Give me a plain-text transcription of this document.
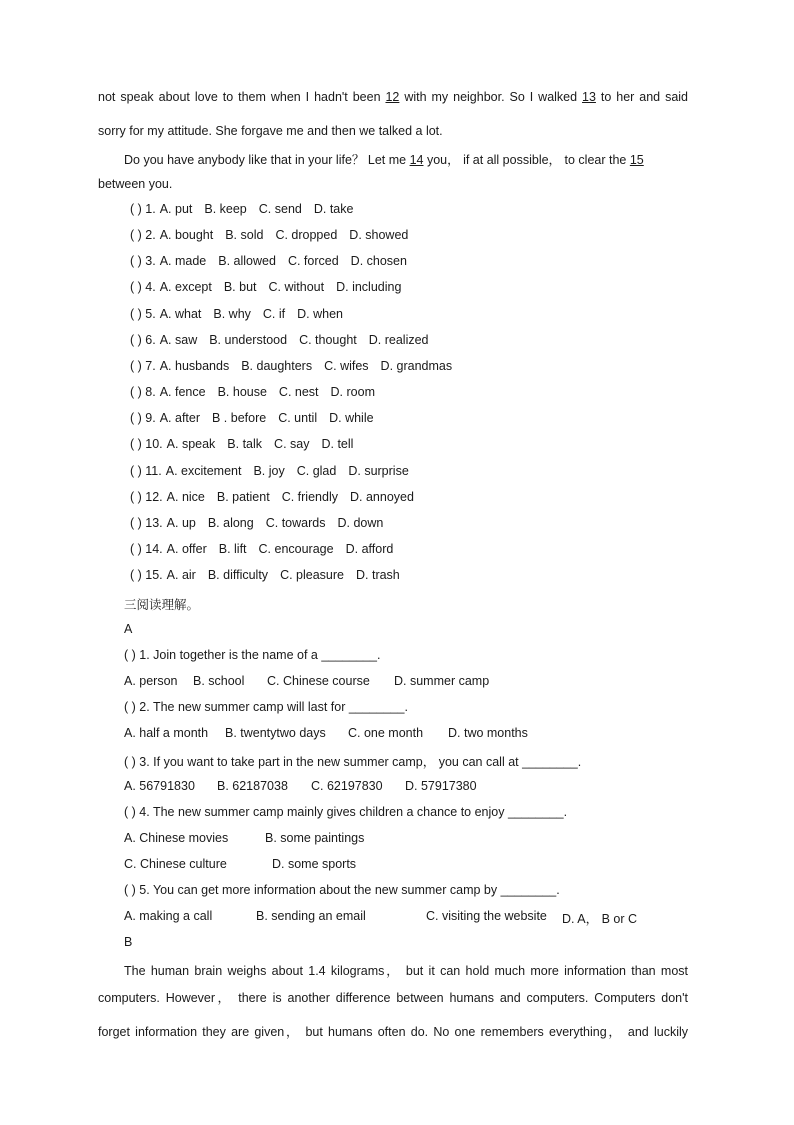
not speak about love to them when I hadn't been 12 with my neighbor. So I walked 13 to her and said
sorry for my attitude. She forgave me and then we talked a lot.
Do you have anybody like that in your life？ Let me 14 you， if at all possible， to clear the 15
between you.
( ) 1. A. put B. keep C. send D. take
( ) 2. A. bought B. sold C. dropped D. showed
( ) 3. A. made B. allowed C. forced D. chosen
( ) 4. A. except B. but C. without D. including
( ) 5. A. what B. why C. if D. when
( ) 6. A. saw B. understood C. thought D. realized
( ) 7. A. husbands B. daughters C. wifes D. grandmas
( ) 8. A. fence B. house C. nest D. room
( ) 9. A. after B . before C. until D. while
( ) 10. A. speak B. talk C. say D. tell
( ) 11. A. excitement B. joy C. glad D. surprise
( ) 12. A. nice B. patient C. friendly D. annoyed
( ) 13. A. up B. along C. towards D. down
( ) 14. A. offer B. lift C. encourage D. afford
( ) 15. A. air B. difficulty C. pleasure D. trash
三阅读理解。
A
( ) 1. Join together is the name of a ________.
A. person B. school C. Chinese course D. summer camp
( ) 2. The new summer camp will last for ________.
A. half a month B. twentytwo days C. one month D. two months
( ) 3. If you want to take part in the new summer camp， you can call at ________.
A. 56791830 B. 62187038 C. 62197830 D. 57917380
( ) 4. The new summer camp mainly gives children a chance to enjoy ________.
A. Chinese movies	B. some paintings
C. Chinese culture	D. some sports
( ) 5. You can get more information about the new summer camp by ________.
A. making a call	B. sending an email	C. visiting the website D. A， B or C
B
The human brain weighs about 1.4 kilograms， but it can hold much more information than most
computers. However， there is another difference between humans and computers. Computers don't
forget information they are given， but humans often do. No one remembers everything， and luckily
